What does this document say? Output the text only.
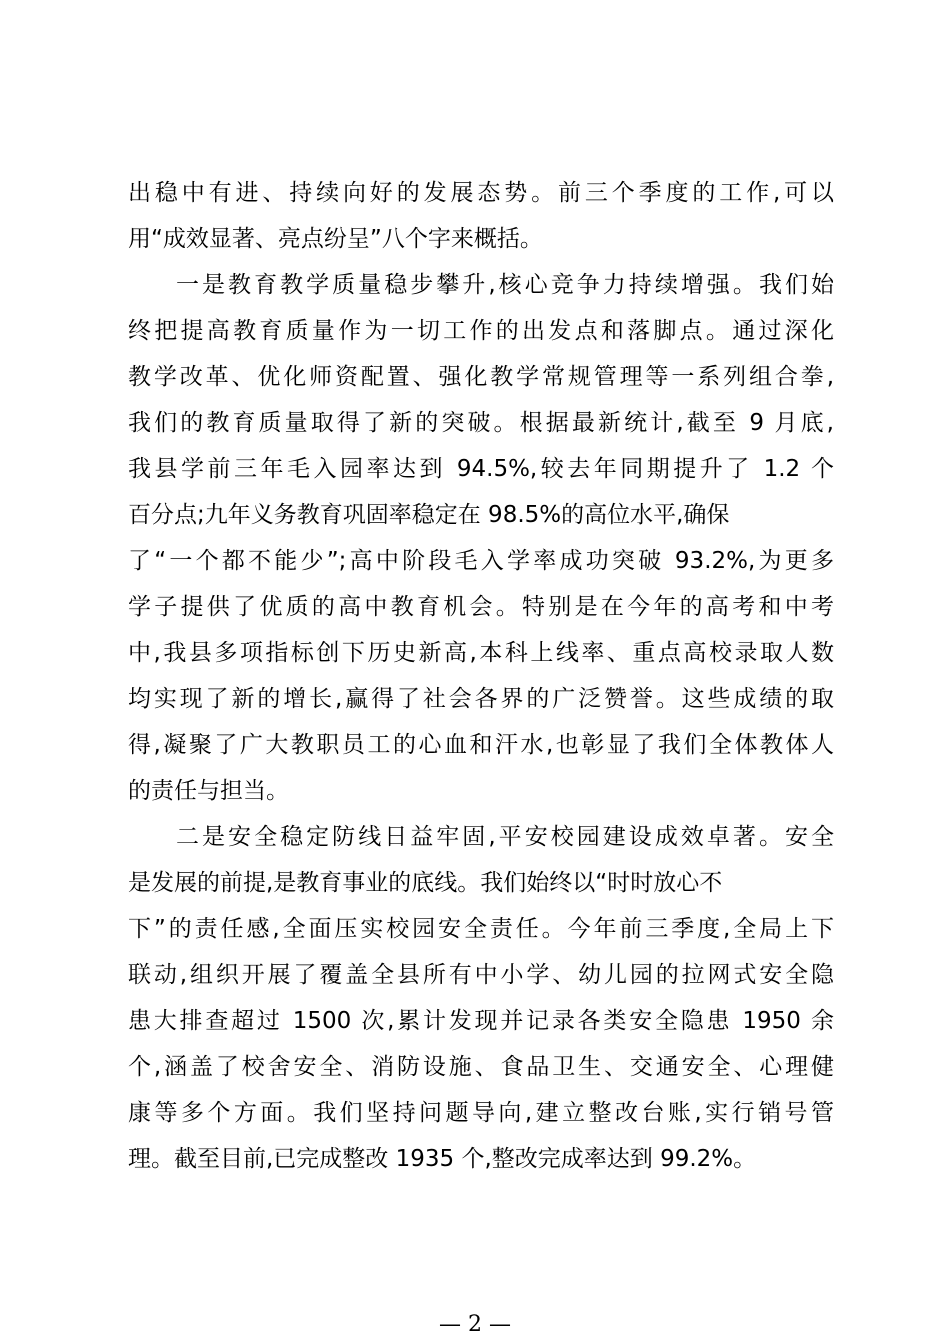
出稳中有进、持续向好的发展态势。前三个季度的工作,可以
用“成效显著、亮点纷呈”八个字来概括。
一是教育教学质量稳步攀升,核心竞争力持续增强。我们始
终把提高教育质量作为一切工作的出发点和落脚点。通过深化
教学改革、优化师资配置、强化教学常规管理等一系列组合拳,
我们的教育质量取得了新的突破。根据最新统计,截至 9 月底,
我县学前三年毛入园率达到 94.5%,较去年同期提升了 1.2 个
百分点;九年义务教育巩固率稳定在 98.5%的高位水平,确保
了“一个都不能少”;高中阶段毛入学率成功突破 93.2%,为更多
学子提供了优质的高中教育机会。特别是在今年的高考和中考
中,我县多项指标创下历史新高,本科上线率、重点高校录取人数
均实现了新的增长,赢得了社会各界的广泛赞誉。这些成绩的取
得,凝聚了广大教职员工的心血和汗水,也彰显了我们全体教体人
的责任与担当。
二是安全稳定防线日益牢固,平安校园建设成效卓著。安全
是发展的前提,是教育事业的底线。我们始终以“时时放心不
下”的责任感,全面压实校园安全责任。今年前三季度,全局上下
联动,组织开展了覆盖全县所有中小学、幼儿园的拉网式安全隐
患大排查超过 1500 次,累计发现并记录各类安全隐患 1950 余
个,涵盖了校舍安全、消防设施、食品卫生、交通安全、心理健
康等多个方面。我们坚持问题导向,建立整改台账,实行销号管
理。截至目前,已完成整改 1935 个,整改完成率达到 99.2%。
— 2 —
